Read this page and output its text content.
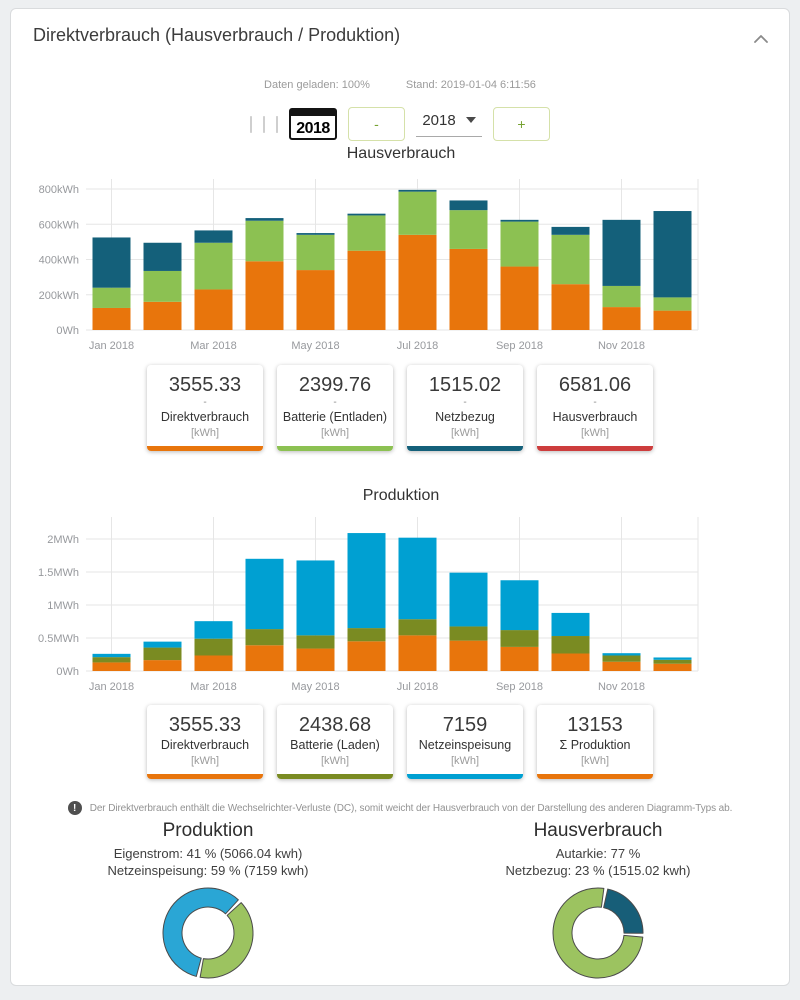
Direktverbrauch (Hausverbrauch / Produktion)
Daten geladen: 100%	Stand: 2019-01-04 6:11:56
2018	-	2018	+
Hausverbrauch
0Wh
200kWh
400kWh
600kWh
800kWh
Jan 2018	Mar 2018	May 2018	Jul 2018	Sep 2018	Nov 2018
3555.33
-
Direktverbrauch
[kWh]
2399.76
-
Batterie (Entladen)
[kWh]
1515.02
-
Netzbezug
[kWh]
6581.06
-
Hausverbrauch
[kWh]
Produktion
0Wh
0.5MWh
1MWh
1.5MWh
2MWh
Jan 2018	Mar 2018	May 2018	Jul 2018	Sep 2018	Nov 2018
3555.33
Direktverbrauch
[kWh]
2438.68
Batterie (Laden)
[kWh]
7159
Netzeinspeisung
[kWh]
13153
Σ Produktion
[kWh]
!	Der Direktverbrauch enthält die Wechselrichter-Verluste (DC), somit weicht der Hausverbrauch von der Darstellung des anderen Diagramm-Typs ab.
Produktion
Eigenstrom: 41 % (5066.04 kwh)
Netzeinspeisung: 59 % (7159 kwh)
Hausverbrauch
Autarkie: 77 %
Netzbezug: 23 % (1515.02 kwh)
